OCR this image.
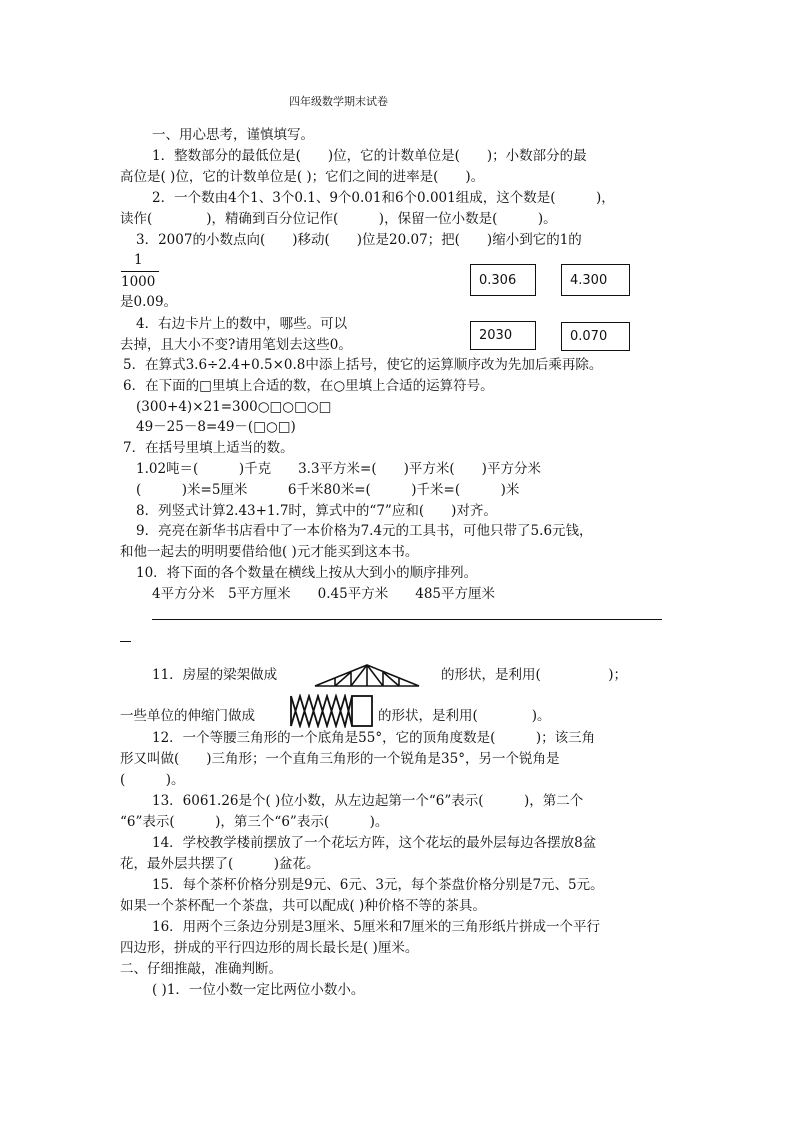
四年级数学期末试卷
一、用心思考，谨慎填写。
1．整数部分的最低位是(　　)位，它的计数单位是(　　)；小数部分的最
高位是( )位，它的计数单位是( )；它们之间的进率是(　　)。
2．一个数由4个1、3个0.1、9个0.01和6个0.001组成，这个数是(　　　)，
读作(　　　　)，精确到百分位记作(　　　)，保留一位小数是(　　　)。
3．2007的小数点向(　　)移动(　　)位是20.07；把(　　)缩小到它的1的
1
1000
是0.09。
0.306	4.300
2030	0.070
4．右边卡片上的数中，哪些。可以
去掉，且大小不变?请用笔划去这些0。
5．在算式3.6÷2.4+0.5×0.8中添上括号，使它的运算顺序改为先加后乘再除。
6．在下面的□里填上合适的数，在○里填上合适的运算符号。
(300+4)×21=300○□○□○□
49－25－8=49－(□○□)
7．在括号里填上适当的数。
1.02吨＝(　　　)千克　　3.3平方米=(　　)平方米(　　)平方分米
(　　　)米=5厘米　　　6千米80米=(　　　)千米=(　　　)米
8．列竖式计算2.43+1.7时，算式中的“7”应和(　　)对齐。
9．亮亮在新华书店看中了一本价格为7.4元的工具书，可他只带了5.6元钱，
和他一起去的明明要借给他( )元才能买到这本书。
10．将下面的各个数量在横线上按从大到小的顺序排列。
4平方分米　5平方厘米　　0.45平方米　　485平方厘米
11．房屋的梁架做成	的形状，是利用(　　　　　)；
一些单位的伸缩门做成	的形状，是利用(　　　　)。
12．一个等腰三角形的一个底角是55°，它的顶角度数是(　　　)；该三角
形又叫做(　　)三角形；一个直角三角形的一个锐角是35°，另一个锐角是
(　　　)。
13．6061.26是个( )位小数，从左边起第一个“6”表示(　　　)，第二个
“6”表示(　　　)，第三个“6”表示(　　　)。
14．学校教学楼前摆放了一个花坛方阵，这个花坛的最外层每边各摆放8盆
花，最外层共摆了(　　　)盆花。
15．每个茶杯价格分别是9元、6元、3元，每个茶盘价格分别是7元、5元。
如果一个茶杯配一个茶盘，共可以配成( )种价格不等的茶具。
16．用两个三条边分别是3厘米、5厘米和7厘米的三角形纸片拼成一个平行
四边形，拼成的平行四边形的周长最长是( )厘米。
二、仔细推敲，准确判断。
( )1．一位小数一定比两位小数小。
